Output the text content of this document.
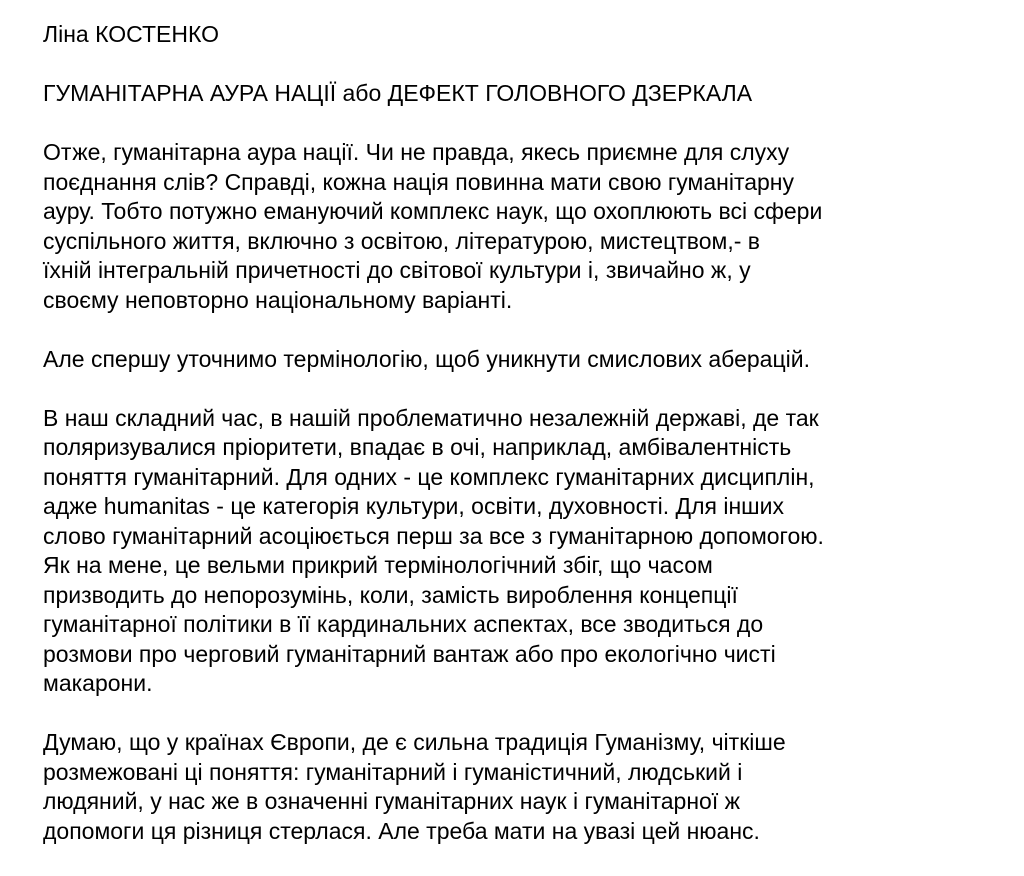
Ліна КОСТЕНКО
ГУМАНІТАРНА АУРА НАЦІЇ або ДЕФЕКТ ГОЛОВНОГО ДЗЕРКАЛА
Отже, гуманітарна аура нації. Чи не правда, якесь приємне для слуху
поєднання слів? Справді, кожна нація повинна мати свою гуманітарну
ауру. Тобто потужно емануючий комплекс наук, що охоплюють всі сфери
суспільного життя, включно з освітою, літературою, мистецтвом,- в
їхній інтегральній причетності до світової культури і, звичайно ж, у
своєму неповторно національному варіанті.
Але спершу уточнимо термінологію, щоб уникнути смислових аберацій.
В наш складний час, в нашій проблематично незалежній державі, де так
поляризувалися пріоритети, впадає в очі, наприклад, амбівалентність
поняття гуманітарний. Для одних - це комплекс гуманітарних дисциплін,
адже humanitas - це категорія культури, освіти, духовності. Для інших
слово гуманітарний асоціюється перш за все з гуманітарною допомогою.
Як на мене, це вельми прикрий термінологічний збіг, що часом
призводить до непорозумінь, коли, замість вироблення концепції
гуманітарної політики в її кардинальних аспектах, все зводиться до
розмови про черговий гуманітарний вантаж або про екологічно чисті
макарони.
Думаю, що у країнах Європи, де є сильна традиція Гуманізму, чіткіше
розмежовані ці поняття: гуманітарний і гуманістичний, людський і
людяний, у нас же в означенні гуманітарних наук і гуманітарної ж
допомоги ця різниця стерлася. Але треба мати на увазі цей нюанс.
